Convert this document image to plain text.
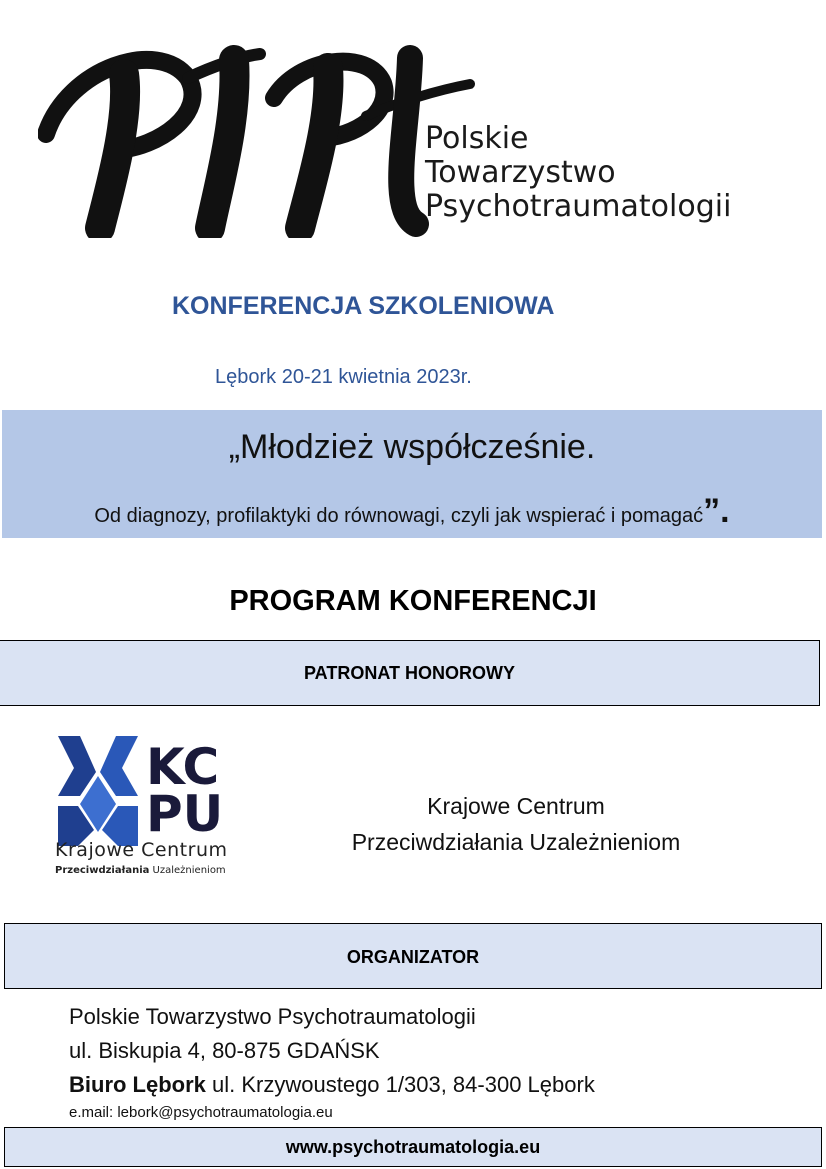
Polskie
Towarzystwo
Psychotraumatologii
KONFERENCJA SZKOLENIOWA
Lębork 20-21 kwietnia 2023r.
„Młodzież współcześnie.
Od diagnozy, profilaktyki do równowagi, czyli jak wspierać i pomagać”.
PROGRAM KONFERENCJI
PATRONAT HONOROWY
KC
PU
Krajowe Centrum
Przeciwdziałania Uzależnieniom
Krajowe Centrum
Przeciwdziałania Uzależnieniom
ORGANIZATOR
Polskie Towarzystwo Psychotraumatologii
ul. Biskupia 4, 80-875 GDAŃSK
Biuro Lębork ul. Krzywoustego 1/303, 84-300 Lębork
e.mail: lebork@psychotraumatologia.eu
www.psychotraumatologia.eu
